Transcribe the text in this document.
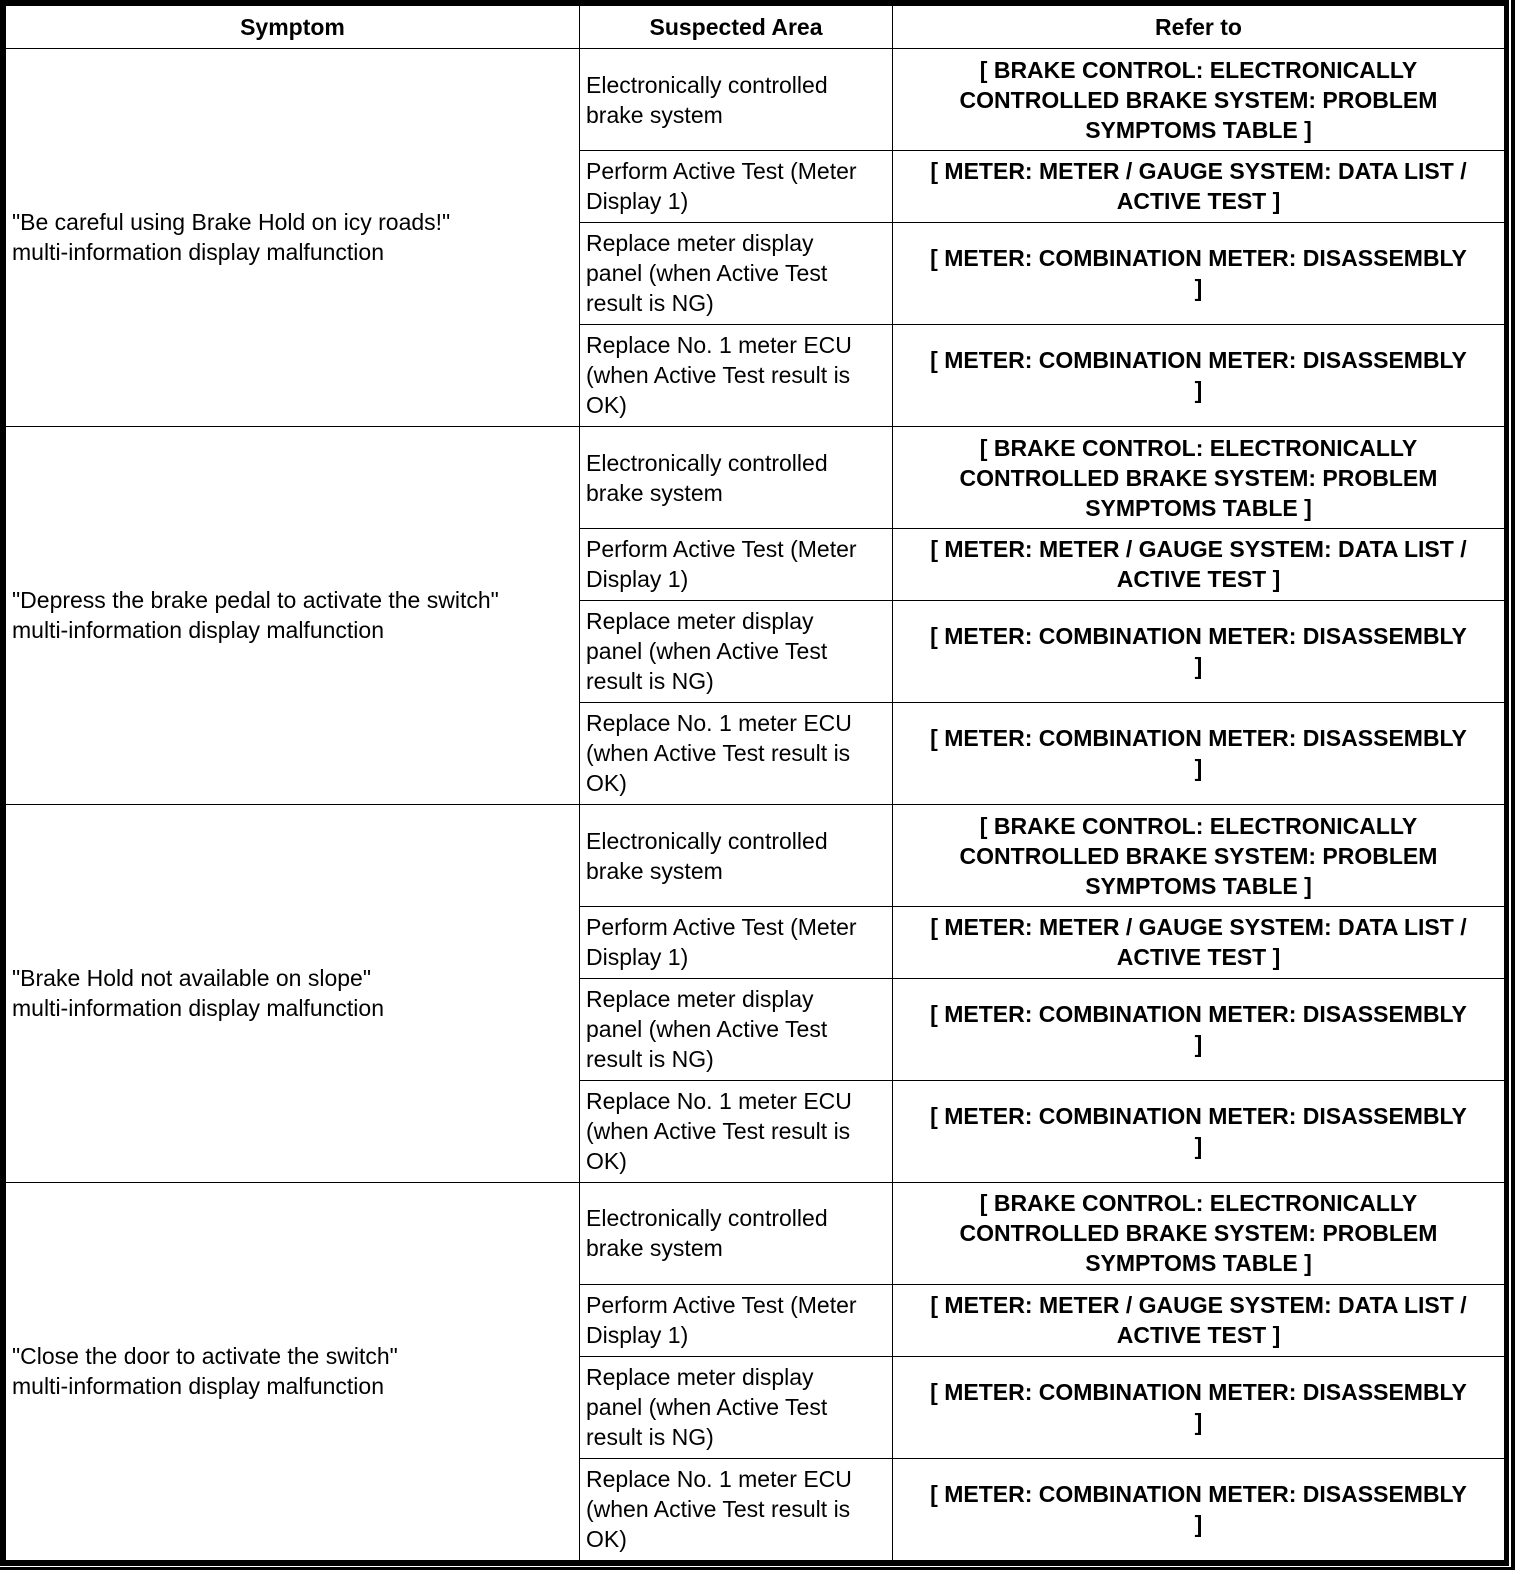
Symptom	Suspected Area	Refer to

"Be careful using Brake Hold on icy roads!"
multi-information display malfunction	Electronically controlled
brake system	[ BRAKE CONTROL: ELECTRONICALLY
CONTROLLED BRAKE SYSTEM: PROBLEM
SYMPTOMS TABLE ]

	Perform Active Test (Meter
Display 1)	[ METER: METER / GAUGE SYSTEM: DATA LIST /
ACTIVE TEST ]

	Replace meter display
panel (when Active Test
result is NG)	[ METER: COMBINATION METER: DISASSEMBLY
]

	Replace No. 1 meter ECU
(when Active Test result is
OK)	[ METER: COMBINATION METER: DISASSEMBLY
]

"Depress the brake pedal to activate the switch"
multi-information display malfunction	Electronically controlled
brake system	[ BRAKE CONTROL: ELECTRONICALLY
CONTROLLED BRAKE SYSTEM: PROBLEM
SYMPTOMS TABLE ]

	Perform Active Test (Meter
Display 1)	[ METER: METER / GAUGE SYSTEM: DATA LIST /
ACTIVE TEST ]

	Replace meter display
panel (when Active Test
result is NG)	[ METER: COMBINATION METER: DISASSEMBLY
]

	Replace No. 1 meter ECU
(when Active Test result is
OK)	[ METER: COMBINATION METER: DISASSEMBLY
]

"Brake Hold not available on slope"
multi-information display malfunction	Electronically controlled
brake system	[ BRAKE CONTROL: ELECTRONICALLY
CONTROLLED BRAKE SYSTEM: PROBLEM
SYMPTOMS TABLE ]

	Perform Active Test (Meter
Display 1)	[ METER: METER / GAUGE SYSTEM: DATA LIST /
ACTIVE TEST ]

	Replace meter display
panel (when Active Test
result is NG)	[ METER: COMBINATION METER: DISASSEMBLY
]

	Replace No. 1 meter ECU
(when Active Test result is
OK)	[ METER: COMBINATION METER: DISASSEMBLY
]

"Close the door to activate the switch"
multi-information display malfunction	Electronically controlled
brake system	[ BRAKE CONTROL: ELECTRONICALLY
CONTROLLED BRAKE SYSTEM: PROBLEM
SYMPTOMS TABLE ]

	Perform Active Test (Meter
Display 1)	[ METER: METER / GAUGE SYSTEM: DATA LIST /
ACTIVE TEST ]

	Replace meter display
panel (when Active Test
result is NG)	[ METER: COMBINATION METER: DISASSEMBLY
]

	Replace No. 1 meter ECU
(when Active Test result is
OK)	[ METER: COMBINATION METER: DISASSEMBLY
]
